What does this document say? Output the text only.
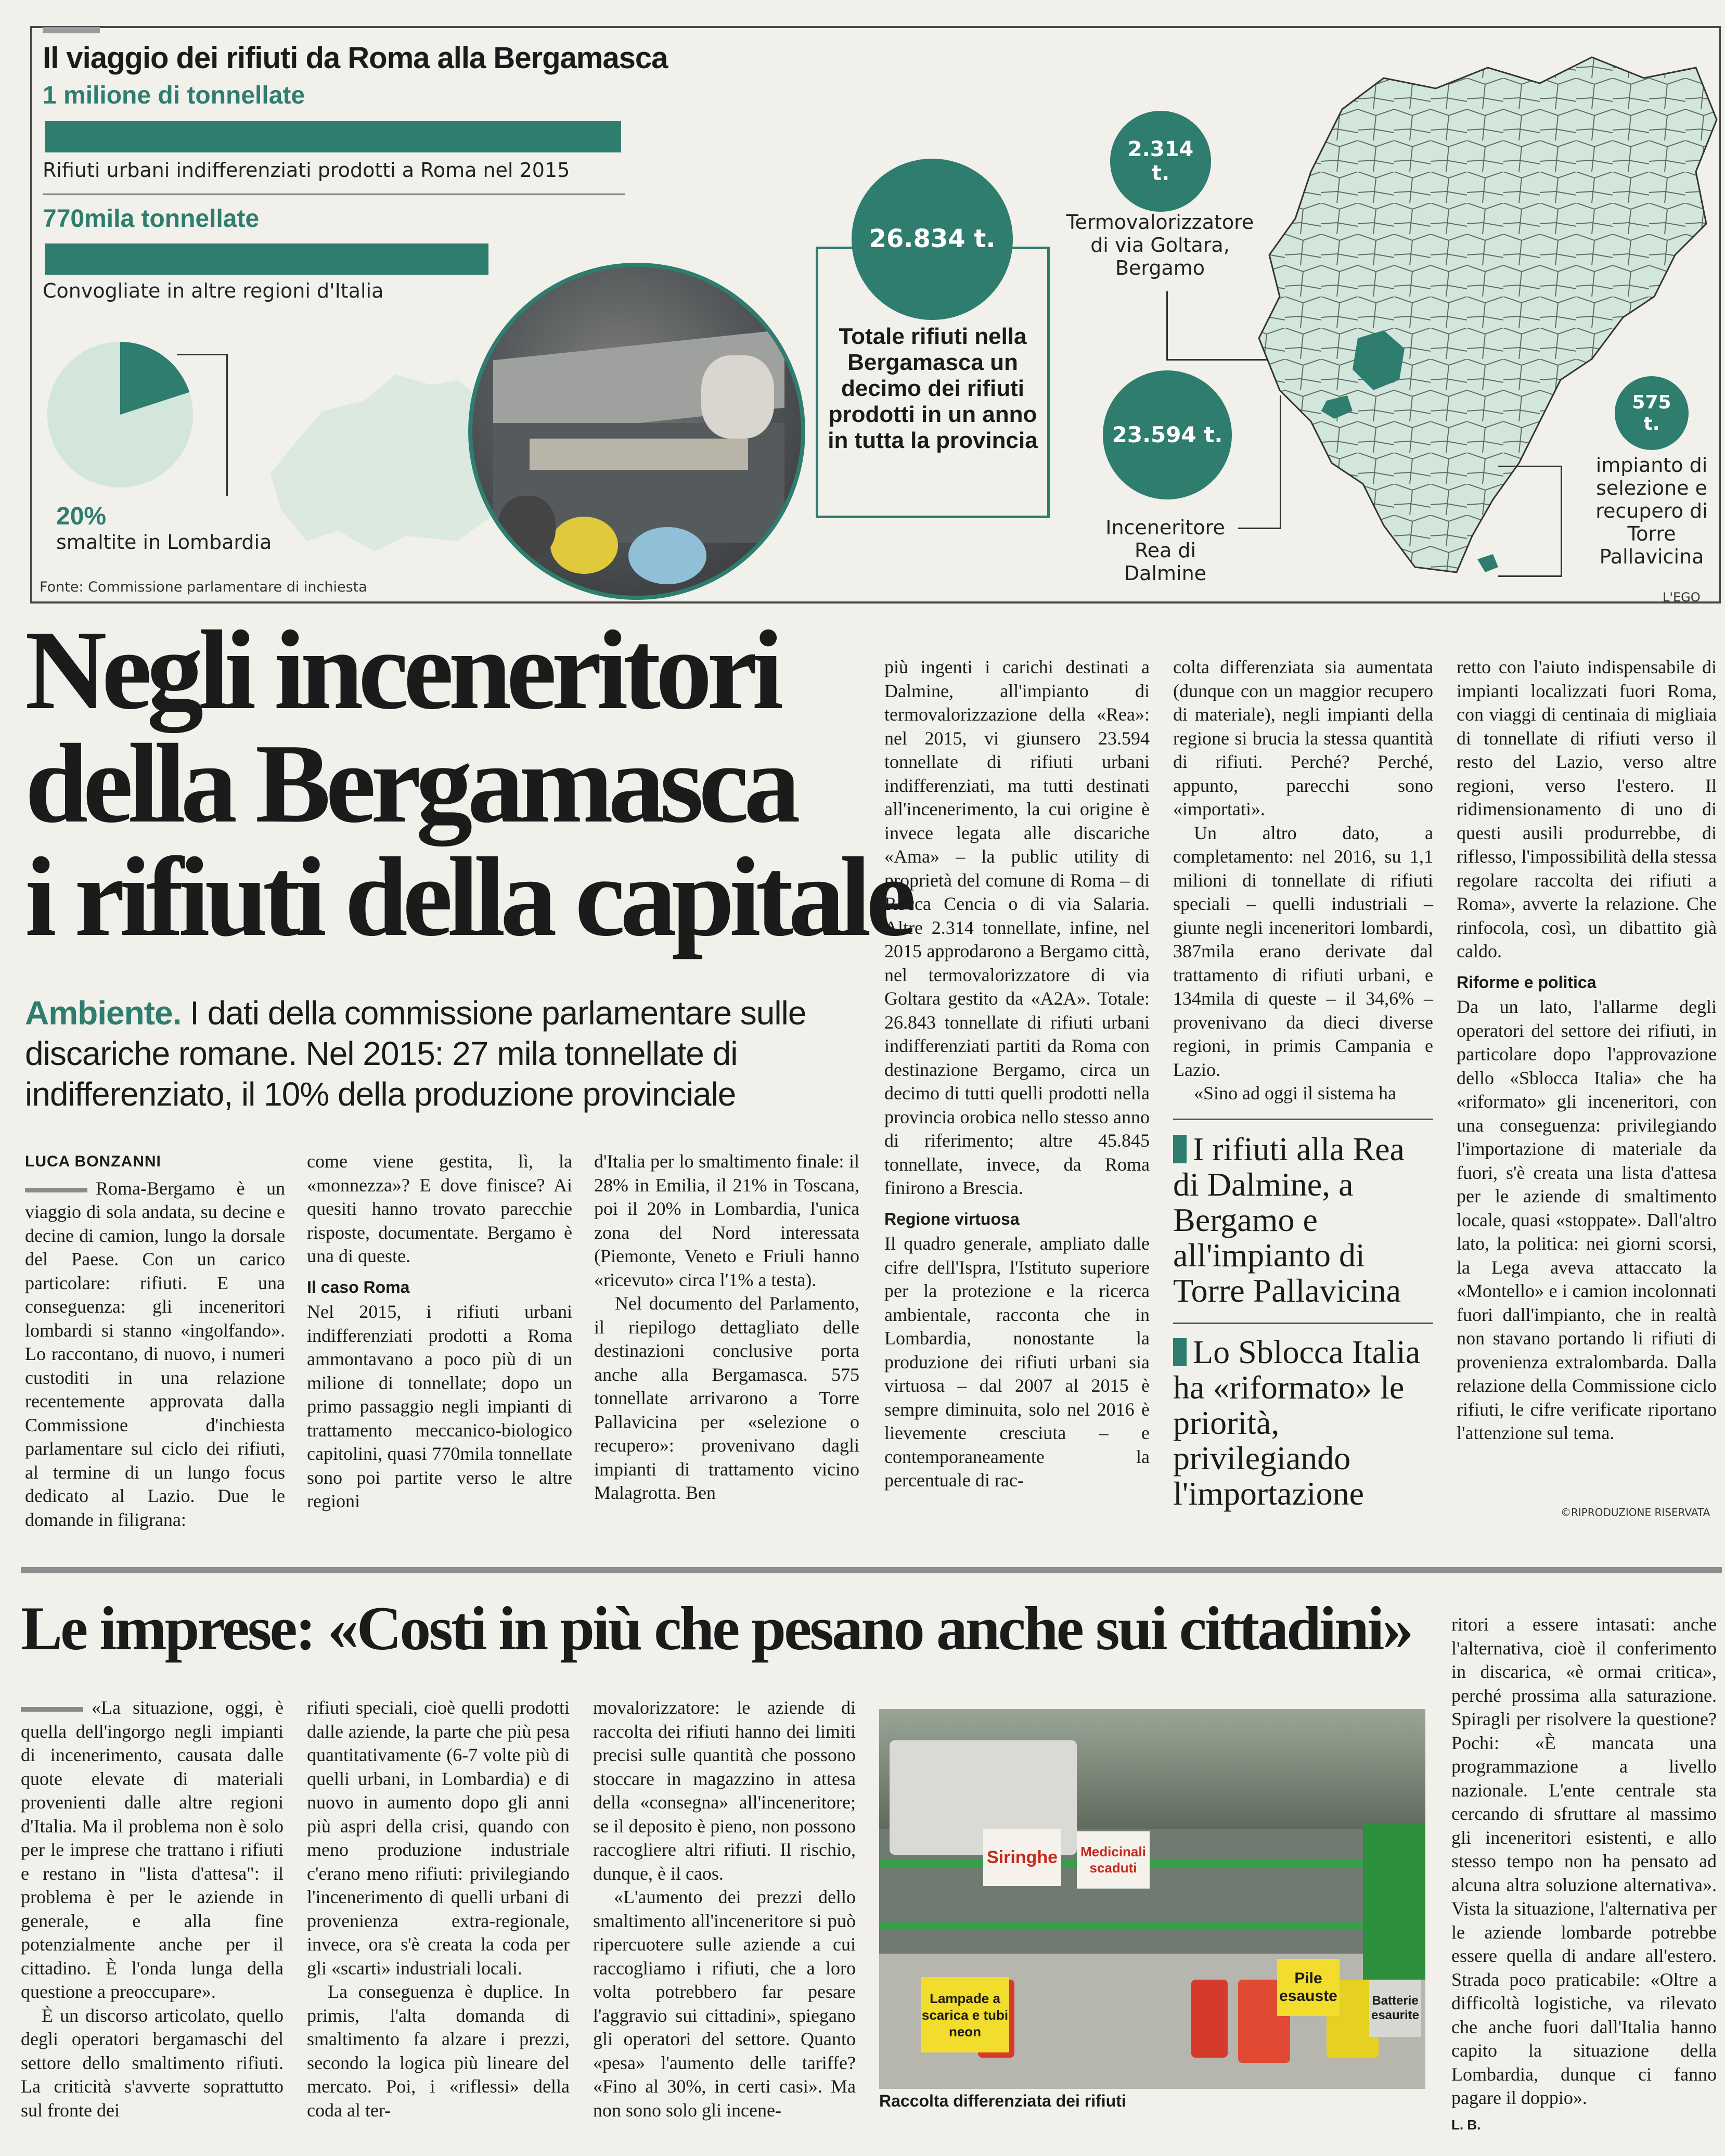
Il viaggio dei rifiuti da Roma alla Bergamasca
1 milione di tonnellate
Rifiuti urbani indifferenziati prodotti a Roma nel 2015
770mila tonnellate
Convogliate in altre regioni d'Italia
20%
smaltite in Lombardia
26.834 t.
Totale rifiuti nella Bergamasca un decimo dei rifiuti prodotti in un anno in tutta la provincia
2.314 t.
Termovalorizzatore di via Goltara, Bergamo
23.594 t.
Inceneritore Rea di Dalmine
575 t.
impianto di selezione e recupero di Torre Pallavicina
Fonte: Commissione parlamentare di inchiesta
L'EGO
Negli inceneritori
della Bergamasca
i rifiuti della capitale
Ambiente. I dati della commissione parlamentare sulle discariche romane. Nel 2015: 27 mila tonnellate di indifferenziato, il 10% della produzione provinciale
LUCA BONZANNI

Roma-Bergamo è un viaggio di sola andata, su decine e decine di camion, lungo la dorsale del Paese. Con un carico particolare: rifiuti. E una conseguenza: gli inceneritori lombardi si stanno «ingolfando». Lo raccontano, di nuovo, i numeri custoditi in una relazione recentemente approvata dalla Commissione d'inchiesta parlamentare sul ciclo dei rifiuti, al termine di un lungo focus dedicato al Lazio. Due le domande in filigrana:

come viene gestita, lì, la «monnezza»? E dove finisce? Ai quesiti hanno trovato parecchie risposte, documentate. Bergamo è una di queste.

Il caso Roma

Nel 2015, i rifiuti urbani indifferenziati prodotti a Roma ammontavano a poco più di un milione di tonnellate; dopo un primo passaggio negli impianti di trattamento meccanico-biologico capitolini, quasi 770mila tonnellate sono poi partite verso le altre regioni

d'Italia per lo smaltimento finale: il 28% in Emilia, il 21% in Toscana, poi il 20% in Lombardia, l'unica zona del Nord interessata (Piemonte, Veneto e Friuli hanno «ricevuto» circa l'1% a testa).

Nel documento del Parlamento, il riepilogo dettagliato delle destinazioni conclusive porta anche alla Bergamasca. 575 tonnellate arrivarono a Torre Pallavicina per «selezione o recupero»: provenivano dagli impianti di trattamento vicino Malagrotta. Ben

più ingenti i carichi destinati a Dalmine, all'impianto di termovalorizzazione della «Rea»: nel 2015, vi giunsero 23.594 tonnellate di rifiuti urbani indifferenziati, ma tutti destinati all'incenerimento, la cui origine è invece legata alle discariche «Ama» – la public utility di proprietà del comune di Roma – di Rocca Cencia o di via Salaria. Altre 2.314 tonnellate, infine, nel 2015 approdarono a Bergamo città, nel termovalorizzatore di via Goltara gestito da «A2A». Totale: 26.843 tonnellate di rifiuti urbani indifferenziati partiti da Roma con destinazione Bergamo, circa un decimo di tutti quelli prodotti nella provincia orobica nello stesso anno di riferimento; altre 45.845 tonnellate, invece, da Roma finirono a Brescia.

Regione virtuosa

Il quadro generale, ampliato dalle cifre dell'Ispra, l'Istituto superiore per la protezione e la ricerca ambientale, racconta che in Lombardia, nonostante la produzione dei rifiuti urbani sia virtuosa – dal 2007 al 2015 è sempre diminuita, solo nel 2016 è lievemente cresciuta – e contemporaneamente la percentuale di rac-

colta differenziata sia aumentata (dunque con un maggior recupero di materiale), negli impianti della regione si brucia la stessa quantità di rifiuti. Perché? Perché, appunto, parecchi sono «importati».

Un altro dato, a completamento: nel 2016, su 1,1 milioni di tonnellate di rifiuti speciali – quelli industriali – giunte negli inceneritori lombardi, 387mila erano derivate dal trattamento di rifiuti urbani, e 134mila di queste – il 34,6% – provenivano da dieci diverse regioni, in primis Campania e Lazio.

«Sino ad oggi il sistema ha

I rifiuti alla Rea di Dalmine, a Bergamo e all'impianto di Torre Pallavicina
Lo Sblocca Italia ha «riformato» le priorità, privilegiando l'importazione

retto con l'aiuto indispensabile di impianti localizzati fuori Roma, con viaggi di centinaia di migliaia di tonnellate di rifiuti verso il resto del Lazio, verso altre regioni, verso l'estero. Il ridimensionamento di uno di questi ausili produrrebbe, di riflesso, l'impossibilità della stessa regolare raccolta dei rifiuti a Roma», avverte la relazione. Che rinfocola, così, un dibattito già caldo.

Riforme e politica

Da un lato, l'allarme degli operatori del settore dei rifiuti, in particolare dopo l'approvazione dello «Sblocca Italia» che ha «riformato» gli inceneritori, con una conseguenza: privilegiando l'importazione di materiale da fuori, s'è creata una lista d'attesa per le aziende di smaltimento locale, quasi «stoppate». Dall'altro lato, la politica: nei giorni scorsi, la Lega aveva attaccato la «Montello» e i camion incolonnati fuori dall'impianto, che in realtà non stavano portando li rifiuti di provenienza extralombarda. Dalla relazione della Commissione ciclo rifiuti, le cifre verificate riportano l'attenzione sul tema.

©RIPRODUZIONE RISERVATA
Le imprese: «Costi in più che pesano anche sui cittadini»

«La situazione, oggi, è quella dell'ingorgo negli impianti di incenerimento, causata dalle quote elevate di materiali provenienti dalle altre regioni d'Italia. Ma il problema non è solo per le imprese che trattano i rifiuti e restano in "lista d'attesa": il problema è per le aziende in generale, e alla fine potenzialmente anche per il cittadino. È l'onda lunga della questione a preoccupare».

È un discorso articolato, quello degli operatori bergamaschi del settore dello smaltimento rifiuti. La criticità s'avverte soprattutto sul fronte dei

rifiuti speciali, cioè quelli prodotti dalle aziende, la parte che più pesa quantitativamente (6-7 volte più di quelli urbani, in Lombardia) e di nuovo in aumento dopo gli anni più aspri della crisi, quando con meno produzione industriale c'erano meno rifiuti: privilegiando l'incenerimento di quelli urbani di provenienza extra-regionale, invece, ora s'è creata la coda per gli «scarti» industriali locali.

La conseguenza è duplice. In primis, l'alta domanda di smaltimento fa alzare i prezzi, secondo la logica più lineare del mercato. Poi, i «riflessi» della coda al ter-

movalorizzatore: le aziende di raccolta dei rifiuti hanno dei limiti precisi sulle quantità che possono stoccare in magazzino in attesa della «consegna» all'inceneritore; se il deposito è pieno, non possono raccogliere altri rifiuti. Il rischio, dunque, è il caos.

«L'aumento dei prezzi dello smaltimento all'inceneritore si può ripercuotere sulle aziende a cui raccogliamo i rifiuti, che a loro volta potrebbero far pesare l'aggravio sui cittadini», spiegano gli operatori del settore. Quanto «pesa» l'aumento delle tariffe? «Fino al 30%, in certi casi». Ma non sono solo gli incene-

Siringhe Medicinali scaduti
Lampade a scarica e tubi neon
Pile esauste	Batterie esaurite
Raccolta differenziata dei rifiuti

ritori a essere intasati: anche l'alternativa, cioè il conferimento in discarica, «è ormai critica», perché prossima alla saturazione. Spiragli per risolvere la questione? Pochi: «È mancata una programmazione a livello nazionale. L'ente centrale sta cercando di sfruttare al massimo gli inceneritori esistenti, e allo stesso tempo non ha pensato ad alcuna altra soluzione alternativa». Vista la situazione, l'alternativa per le aziende lombarde potrebbe essere quella di andare all'estero. Strada poco praticabile: «Oltre a difficoltà logistiche, va rilevato che anche fuori dall'Italia hanno capito la situazione della Lombardia, dunque ci fanno pagare il doppio».

L. B.
